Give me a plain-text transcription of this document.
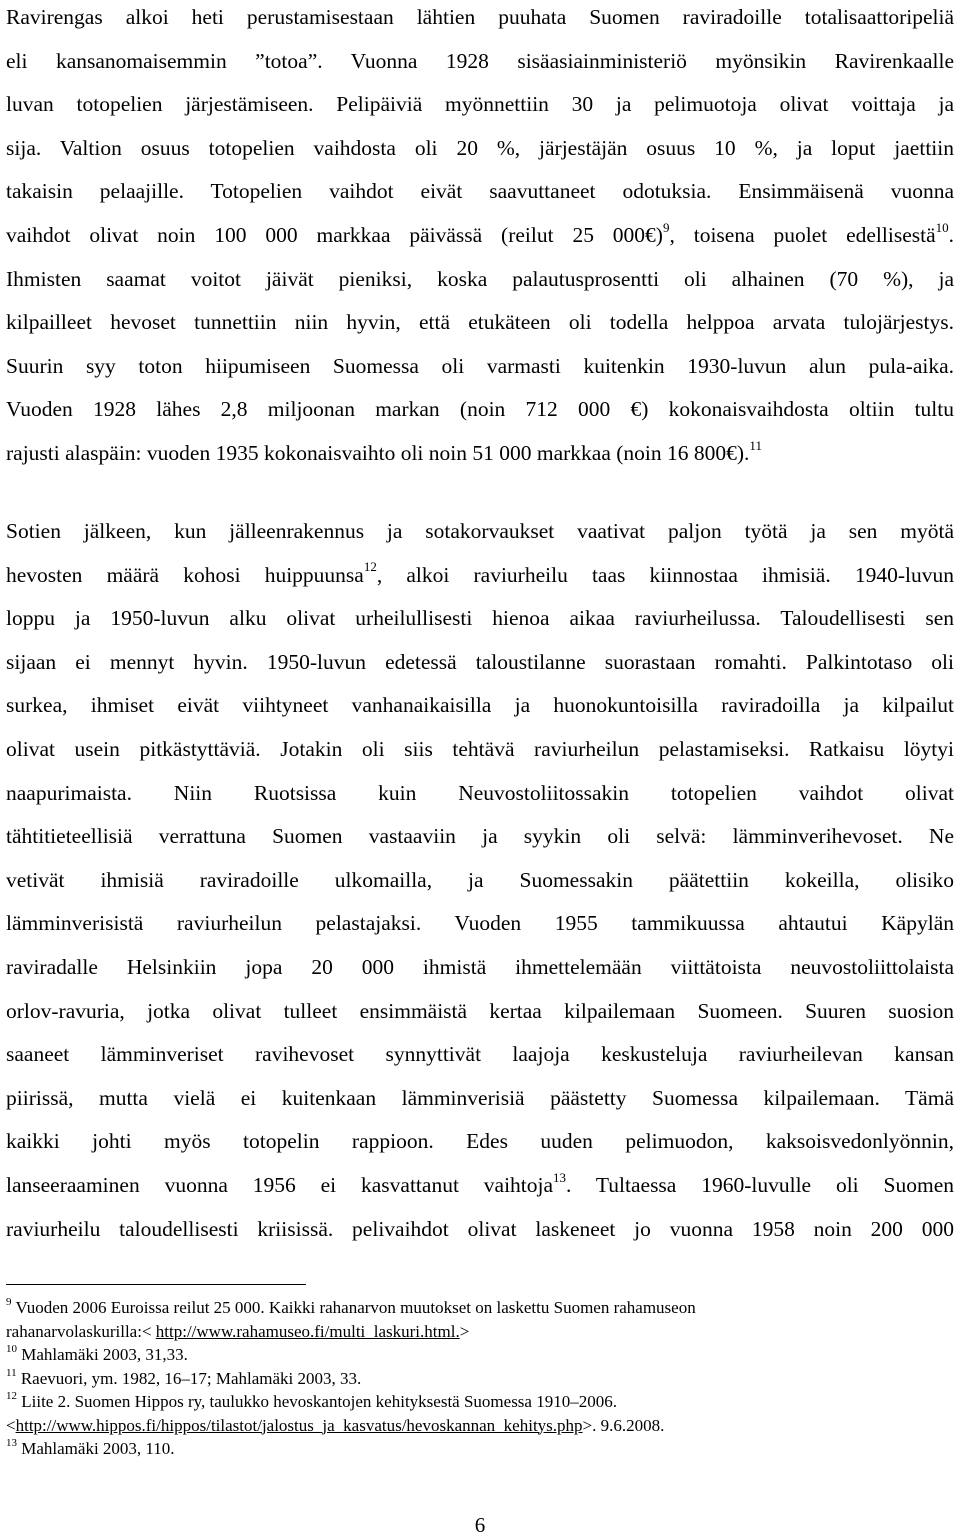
Ravirengas alkoi heti perustamisestaan lähtien puuhata Suomen raviradoille totalisaattoripeliä
eli kansanomaisemmin ”totoa”. Vuonna 1928 sisäasiainministeriö myönsikin Ravirenkaalle
luvan totopelien järjestämiseen. Pelipäiviä myönnettiin 30 ja pelimuotoja olivat voittaja ja
sija. Valtion osuus totopelien vaihdosta oli 20 %, järjestäjän osuus 10 %, ja loput jaettiin
takaisin pelaajille. Totopelien vaihdot eivät saavuttaneet odotuksia. Ensimmäisenä vuonna
vaihdot olivat noin 100 000 markkaa päivässä (reilut 25 000€)$^9$, toisena puolet edellisestä$^{10}$.
Ihmisten saamat voitot jäivät pieniksi, koska palautusprosentti oli alhainen (70 %), ja
kilpailleet hevoset tunnettiin niin hyvin, että etukäteen oli todella helppoa arvata tulojärjestys.
Suurin syy toton hiipumiseen Suomessa oli varmasti kuitenkin 1930-luvun alun pula-aika.
Vuoden 1928 lähes 2,8 miljoonan markan (noin 712 000 €) kokonaisvaihdosta oltiin tultu
rajusti alaspäin: vuoden 1935 kokonaisvaihto oli noin 51 000 markkaa (noin 16 800€).$^{11}$

Sotien jälkeen, kun jälleenrakennus ja sotakorvaukset vaativat paljon työtä ja sen myötä
hevosten määrä kohosi huippuunsa$^{12}$, alkoi raviurheilu taas kiinnostaa ihmisiä. 1940-luvun
loppu ja 1950-luvun alku olivat urheilullisesti hienoa aikaa raviurheilussa. Taloudellisesti sen
sijaan ei mennyt hyvin. 1950-luvun edetessä taloustilanne suorastaan romahti. Palkintotaso oli
surkea, ihmiset eivät viihtyneet vanhanaikaisilla ja huonokuntoisilla raviradoilla ja kilpailut
olivat usein pitkästyttäviä. Jotakin oli siis tehtävä raviurheilun pelastamiseksi. Ratkaisu löytyi
naapurimaista. Niin Ruotsissa kuin Neuvostoliitossakin totopelien vaihdot olivat
tähtitieteellisiä verrattuna Suomen vastaaviin ja syykin oli selvä: lämminverihevoset. Ne
vetivät ihmisiä raviradoille ulkomailla, ja Suomessakin päätettiin kokeilla, olisiko
lämminverisistä raviurheilun pelastajaksi. Vuoden 1955 tammikuussa ahtautui Käpylän
raviradalle Helsinkiin jopa 20 000 ihmistä ihmettelemään viittätoista neuvostoliittolaista
orlov-ravuria, jotka olivat tulleet ensimmäistä kertaa kilpailemaan Suomeen. Suuren suosion
saaneet lämminveriset ravihevoset synnyttivät laajoja keskusteluja raviurheilevan kansan
piirissä, mutta vielä ei kuitenkaan lämminverisiä päästetty Suomessa kilpailemaan. Tämä
kaikki johti myös totopelin rappioon. Edes uuden pelimuodon, kaksoisvedonlyönnin,
lanseeraaminen vuonna 1956 ei kasvattanut vaihtoja$^{13}$. Tultaessa 1960-luvulle oli Suomen
raviurheilu taloudellisesti kriisissä. pelivaihdot olivat laskeneet jo vuonna 1958 noin 200 000

$^9$ Vuoden 2006 Euroissa reilut 25 000. Kaikki rahanarvon muutokset on laskettu Suomen rahamuseon
rahanarvolaskurilla:< http://www.rahamuseo.fi/multi_laskuri.html.>
$^{10}$ Mahlamäki 2003, 31,33.
$^{11}$ Raevuori, ym. 1982, 16–17; Mahlamäki 2003, 33.
$^{12}$ Liite 2. Suomen Hippos ry, taulukko hevoskantojen kehityksestä Suomessa 1910–2006.
<http://www.hippos.fi/hippos/tilastot/jalostus_ja_kasvatus/hevoskannan_kehitys.php>. 9.6.2008.
$^{13}$ Mahlamäki 2003, 110.
6
